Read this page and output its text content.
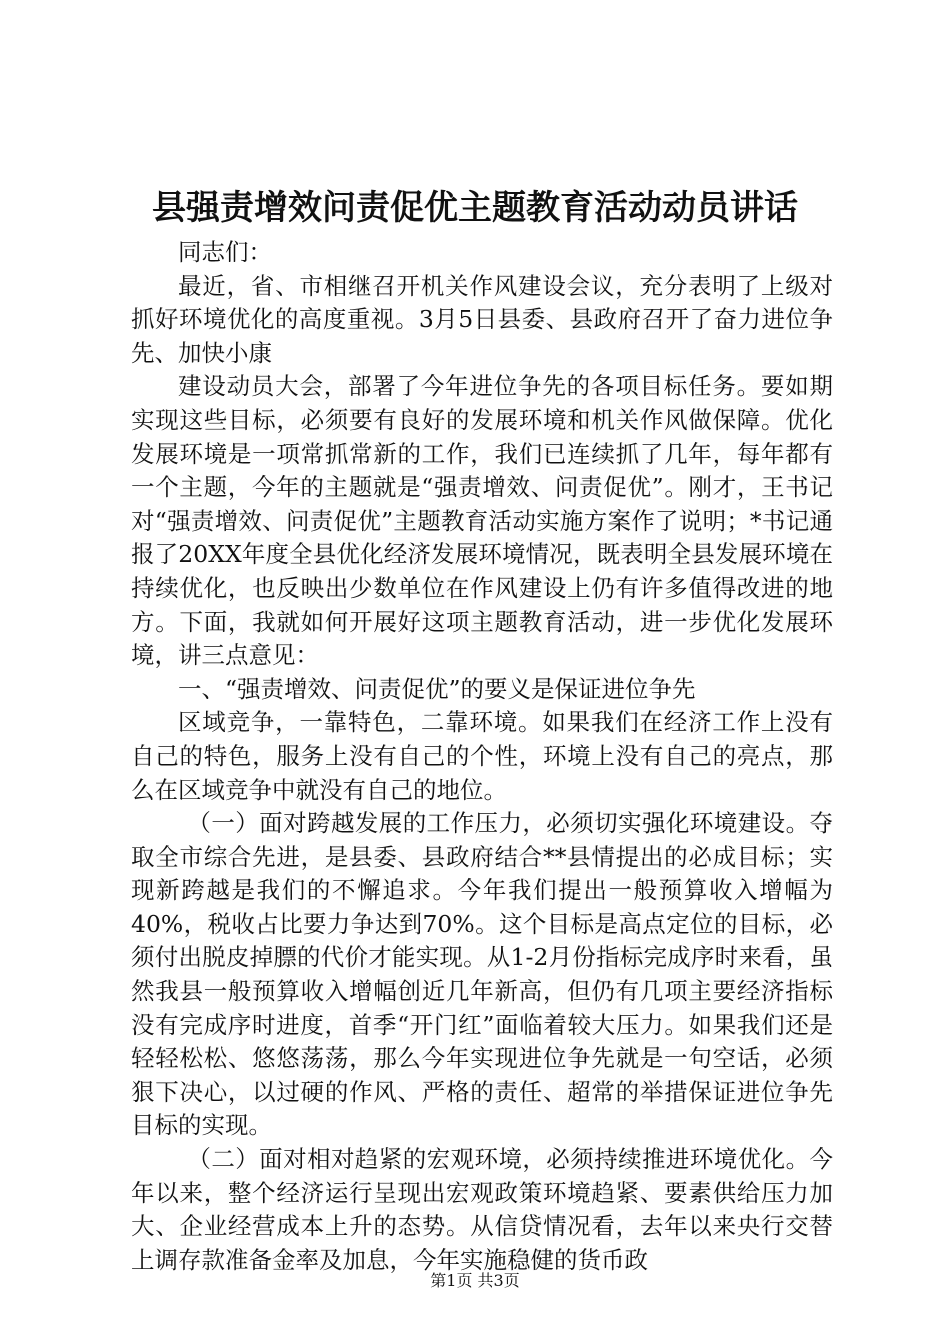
县强责增效问责促优主题教育活动动员讲话

同志们：

最近，省、市相继召开机关作风建设会议，充分表明了上级对抓好环境优化的高度重视。3月5日县委、县政府召开了奋力进位争先、加快小康

建设动员大会，部署了今年进位争先的各项目标任务。要如期实现这些目标，必须要有良好的发展环境和机关作风做保障。优化发展环境是一项常抓常新的工作，我们已连续抓了几年，每年都有一个主题，今年的主题就是“强责增效、问责促优”。刚才，王书记对“强责增效、问责促优”主题教育活动实施方案作了说明；*书记通报了20XX年度全县优化经济发展环境情况，既表明全县发展环境在持续优化，也反映出少数单位在作风建设上仍有许多值得改进的地方。下面，我就如何开展好这项主题教育活动，进一步优化发展环境，讲三点意见：

一、“强责增效、问责促优”的要义是保证进位争先

区域竞争，一靠特色，二靠环境。如果我们在经济工作上没有自己的特色，服务上没有自己的个性，环境上没有自己的亮点，那么在区域竞争中就没有自己的地位。

（一）面对跨越发展的工作压力，必须切实强化环境建设。夺取全市综合先进，是县委、县政府结合**县情提出的必成目标；实现新跨越是我们的不懈追求。今年我们提出一般预算收入增幅为40%，税收占比要力争达到70%。这个目标是高点定位的目标，必须付出脱皮掉膘的代价才能实现。从1-2月份指标完成序时来看，虽然我县一般预算收入增幅创近几年新高，但仍有几项主要经济指标没有完成序时进度，首季“开门红”面临着较大压力。如果我们还是轻轻松松、悠悠荡荡，那么今年实现进位争先就是一句空话，必须狠下决心，以过硬的作风、严格的责任、超常的举措保证进位争先目标的实现。

（二）面对相对趋紧的宏观环境，必须持续推进环境优化。今年以来，整个经济运行呈现出宏观政策环境趋紧、要素供给压力加大、企业经营成本上升的态势。从信贷情况看，去年以来央行交替上调存款准备金率及加息，今年实施稳健的货币政

第1页 共3页
